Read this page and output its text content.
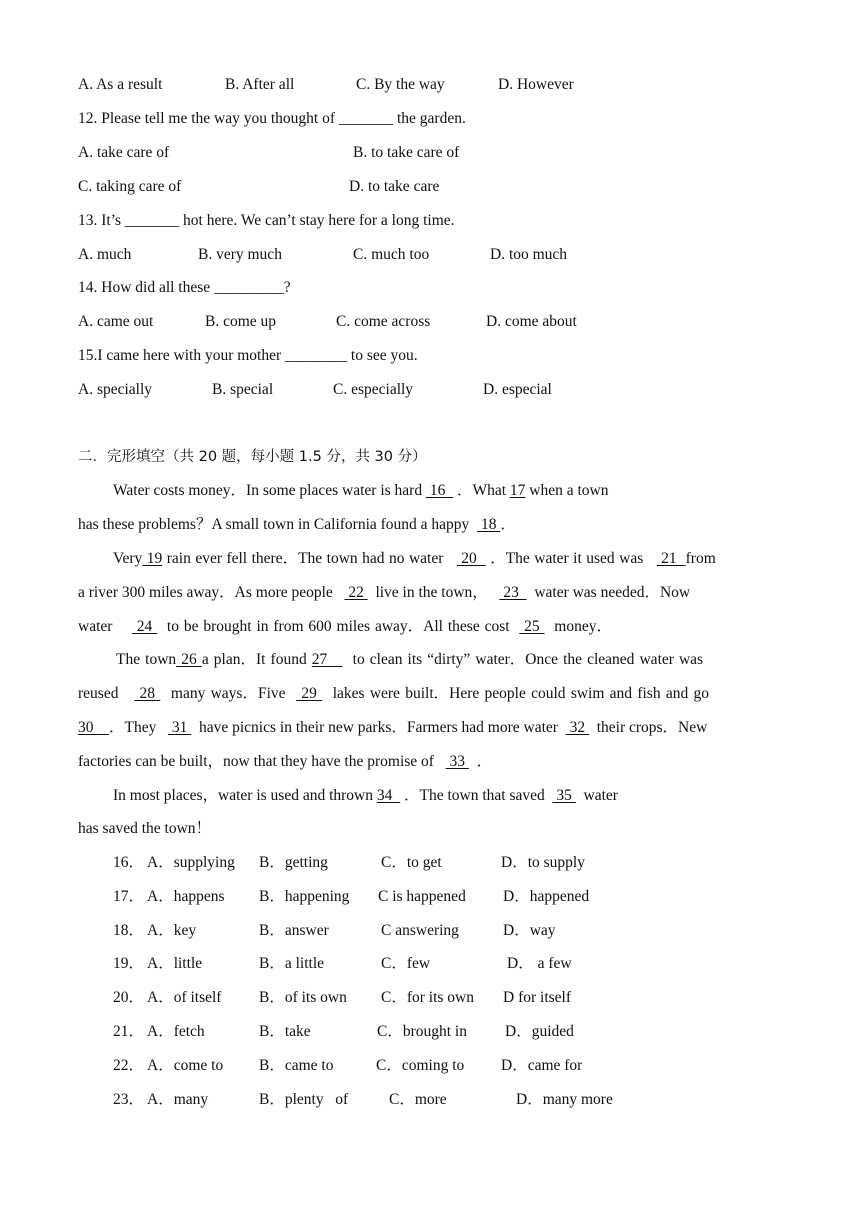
A. As a result	B. After all	C. By the way	D. However
12. Please tell me the way you thought of _______ the garden.
A. take care of	B. to take care of
C. taking care of	D. to take care
13. It’s _______ hot here. We can’t stay here for a long time.
A. much	B. very much	C. much too	D. too much
14. How did all these _________?
A. came out	B. come up	C. come across	D. come about
15.I came here with your mother ________ to see you.
A. specially	B. special	C. especially	D. especial
二．完形填空（共 20 题，每小题 1.5 分，共 30 分）
Water costs money．In some places water is hard  16   ．What 17 when a town
has these problems？A small town in California found a happy   18 ．
Very 19 rain ever fell there．The town had no water    20   ．The water it used was    21  from
a river 300 miles away．As more people    22   live in the town，    23    water was needed．Now
water     24   to be brought in from 600 miles away．All these cost   25   money．
The town 26 a plan．It found 27     to clean its “dirty” water．Once the cleaned water was
reused    28   many ways．Five   29   lakes were built．Here people could swim and fish and go
30    ．They    31   have picnics in their new parks．Farmers had more water   32   their crops．New
factories can be built，now that they have the promise of    33   ．
In most places，water is used and thrown 34   ．The town that saved   35   water
has saved the town！
16． A．supplying B．getting	C．to get	D．to supply
17． A．happens B．happening C is happened D．happened
18． A．key	B．answer	C answering	D．way
19． A．little	B．a little	C．few	D． a few
20． A．of itself B．of its own C．for its own D for itself
21． A．fetch	B．take	C．brought in D．guided
22． A．come to B．came to	C．coming to D．came for
23． A．many	B．plenty   of	C．more	D．many more
